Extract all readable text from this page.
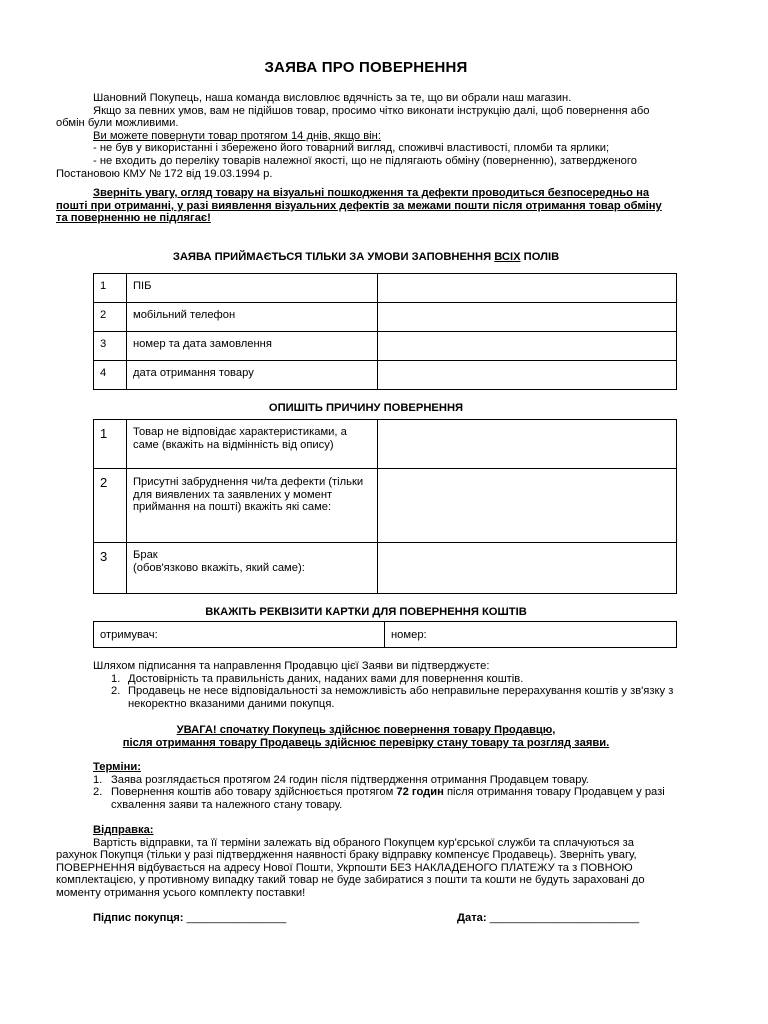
ЗАЯВА ПРО ПОВЕРНЕННЯ

Шановний Покупець, наша команда висловлює вдячність за те, що ви обрали наш магазин.

Якщо за певних умов, вам не підійшов товар, просимо чітко виконати інструкцію далі, щоб повернення або обмін були можливими.

Ви можете повернути товар протягом 14 днів, якщо він:

- не був у використанні і збережено його товарний вигляд, споживчі властивості, пломби та ярлики;

- не входить до переліку товарів належної якості, що не підлягають обміну (поверненню), затвердженого Постановою КМУ № 172 від 19.03.1994 р.

Зверніть увагу, огляд товару на візуальні пошкодження та дефекти проводиться безпосередньо на пошті при отриманні, у разі виявлення візуальних дефектів за межами пошти після отримання товар обміну та поверненню не підлягає!

ЗАЯВА ПРИЙМАЄТЬСЯ ТІЛЬКИ ЗА УМОВИ ЗАПОВНЕННЯ ВСІХ ПОЛІВ
1	ПІБ	

2	мобільний телефон	

3	номер та дата замовлення	

4	дата отримання товару	

ОПИШІТЬ ПРИЧИНУ ПОВЕРНЕННЯ
1	Товар не відповідає характеристиками, а саме (вкажіть на відмінність від опису)	

2	Присутні забруднення чи/та дефекти (тільки для виявлених та заявлених у момент приймання на пошті) вкажіть які саме:	

3	Брак
(обов'язково вкажіть, який саме):	

ВКАЖІТЬ РЕКВІЗИТИ КАРТКИ ДЛЯ ПОВЕРНЕННЯ КОШТІВ
отримувач:	номер:

Шляхом підписання та направлення Продавцю цієї Заяви ви підтверджуєте:

1. Достовірність та правильність даних, наданих вами для повернення коштів.
2. Продавець не несе відповідальності за неможливість або неправильне перерахування коштів у зв'язку з некоректно вказаними даними покупця.
УВАГА! спочатку Покупець здійснює повернення товару Продавцю,
після отримання товару Продавець здійснює перевірку стану товару та розгляд заяви.

Терміни:

1. Заява розглядається протягом 24 годин після підтвердження отримання Продавцем товару.
2. Повернення коштів або товару здійснюється протягом 72 годин після отримання товару Продавцем у разі схвалення заяви та належного стану товару.

Відправка:

Вартість відправки, та її терміни залежать від обраного Покупцем кур'єрської служби та сплачуються за рахунок Покупця (тільки у разі підтвердження наявності браку відправку компенсує Продавець). Зверніть увагу, ПОВЕРНЕННЯ відбувається на адресу Нової Пошти, Укрпошти БЕЗ НАКЛАДЕНОГО ПЛАТЕЖУ та з ПОВНОЮ комплектацією, у противному випадку такий товар не буде забиратися з пошти та кошти не будуть зараховані до моменту отримання усього комплекту поставки!

Підпис покупця: ________________	Дата: ________________________
